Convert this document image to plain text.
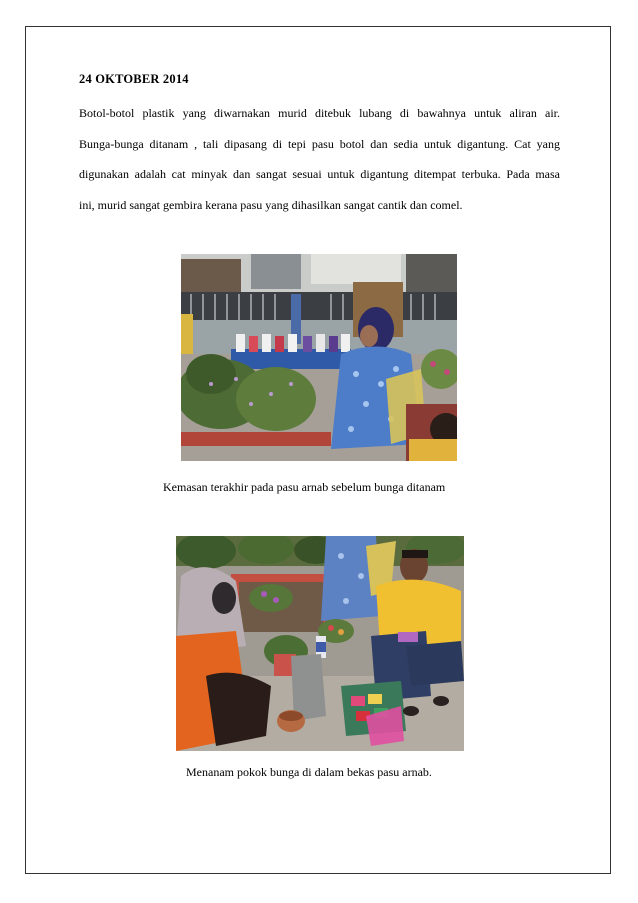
24 OKTOBER 2014
Botol-botol plastik yang diwarnakan murid ditebuk lubang di bawahnya untuk aliran air.
Bunga-bunga ditanam , tali dipasang di tepi pasu botol dan sedia untuk digantung. Cat yang
digunakan adalah cat minyak dan sangat sesuai untuk digantung ditempat terbuka. Pada masa
ini, murid sangat gembira kerana pasu yang dihasilkan sangat cantik dan comel.
Kemasan terakhir pada pasu arnab sebelum bunga ditanam
Menanam pokok bunga di dalam bekas pasu arnab.
